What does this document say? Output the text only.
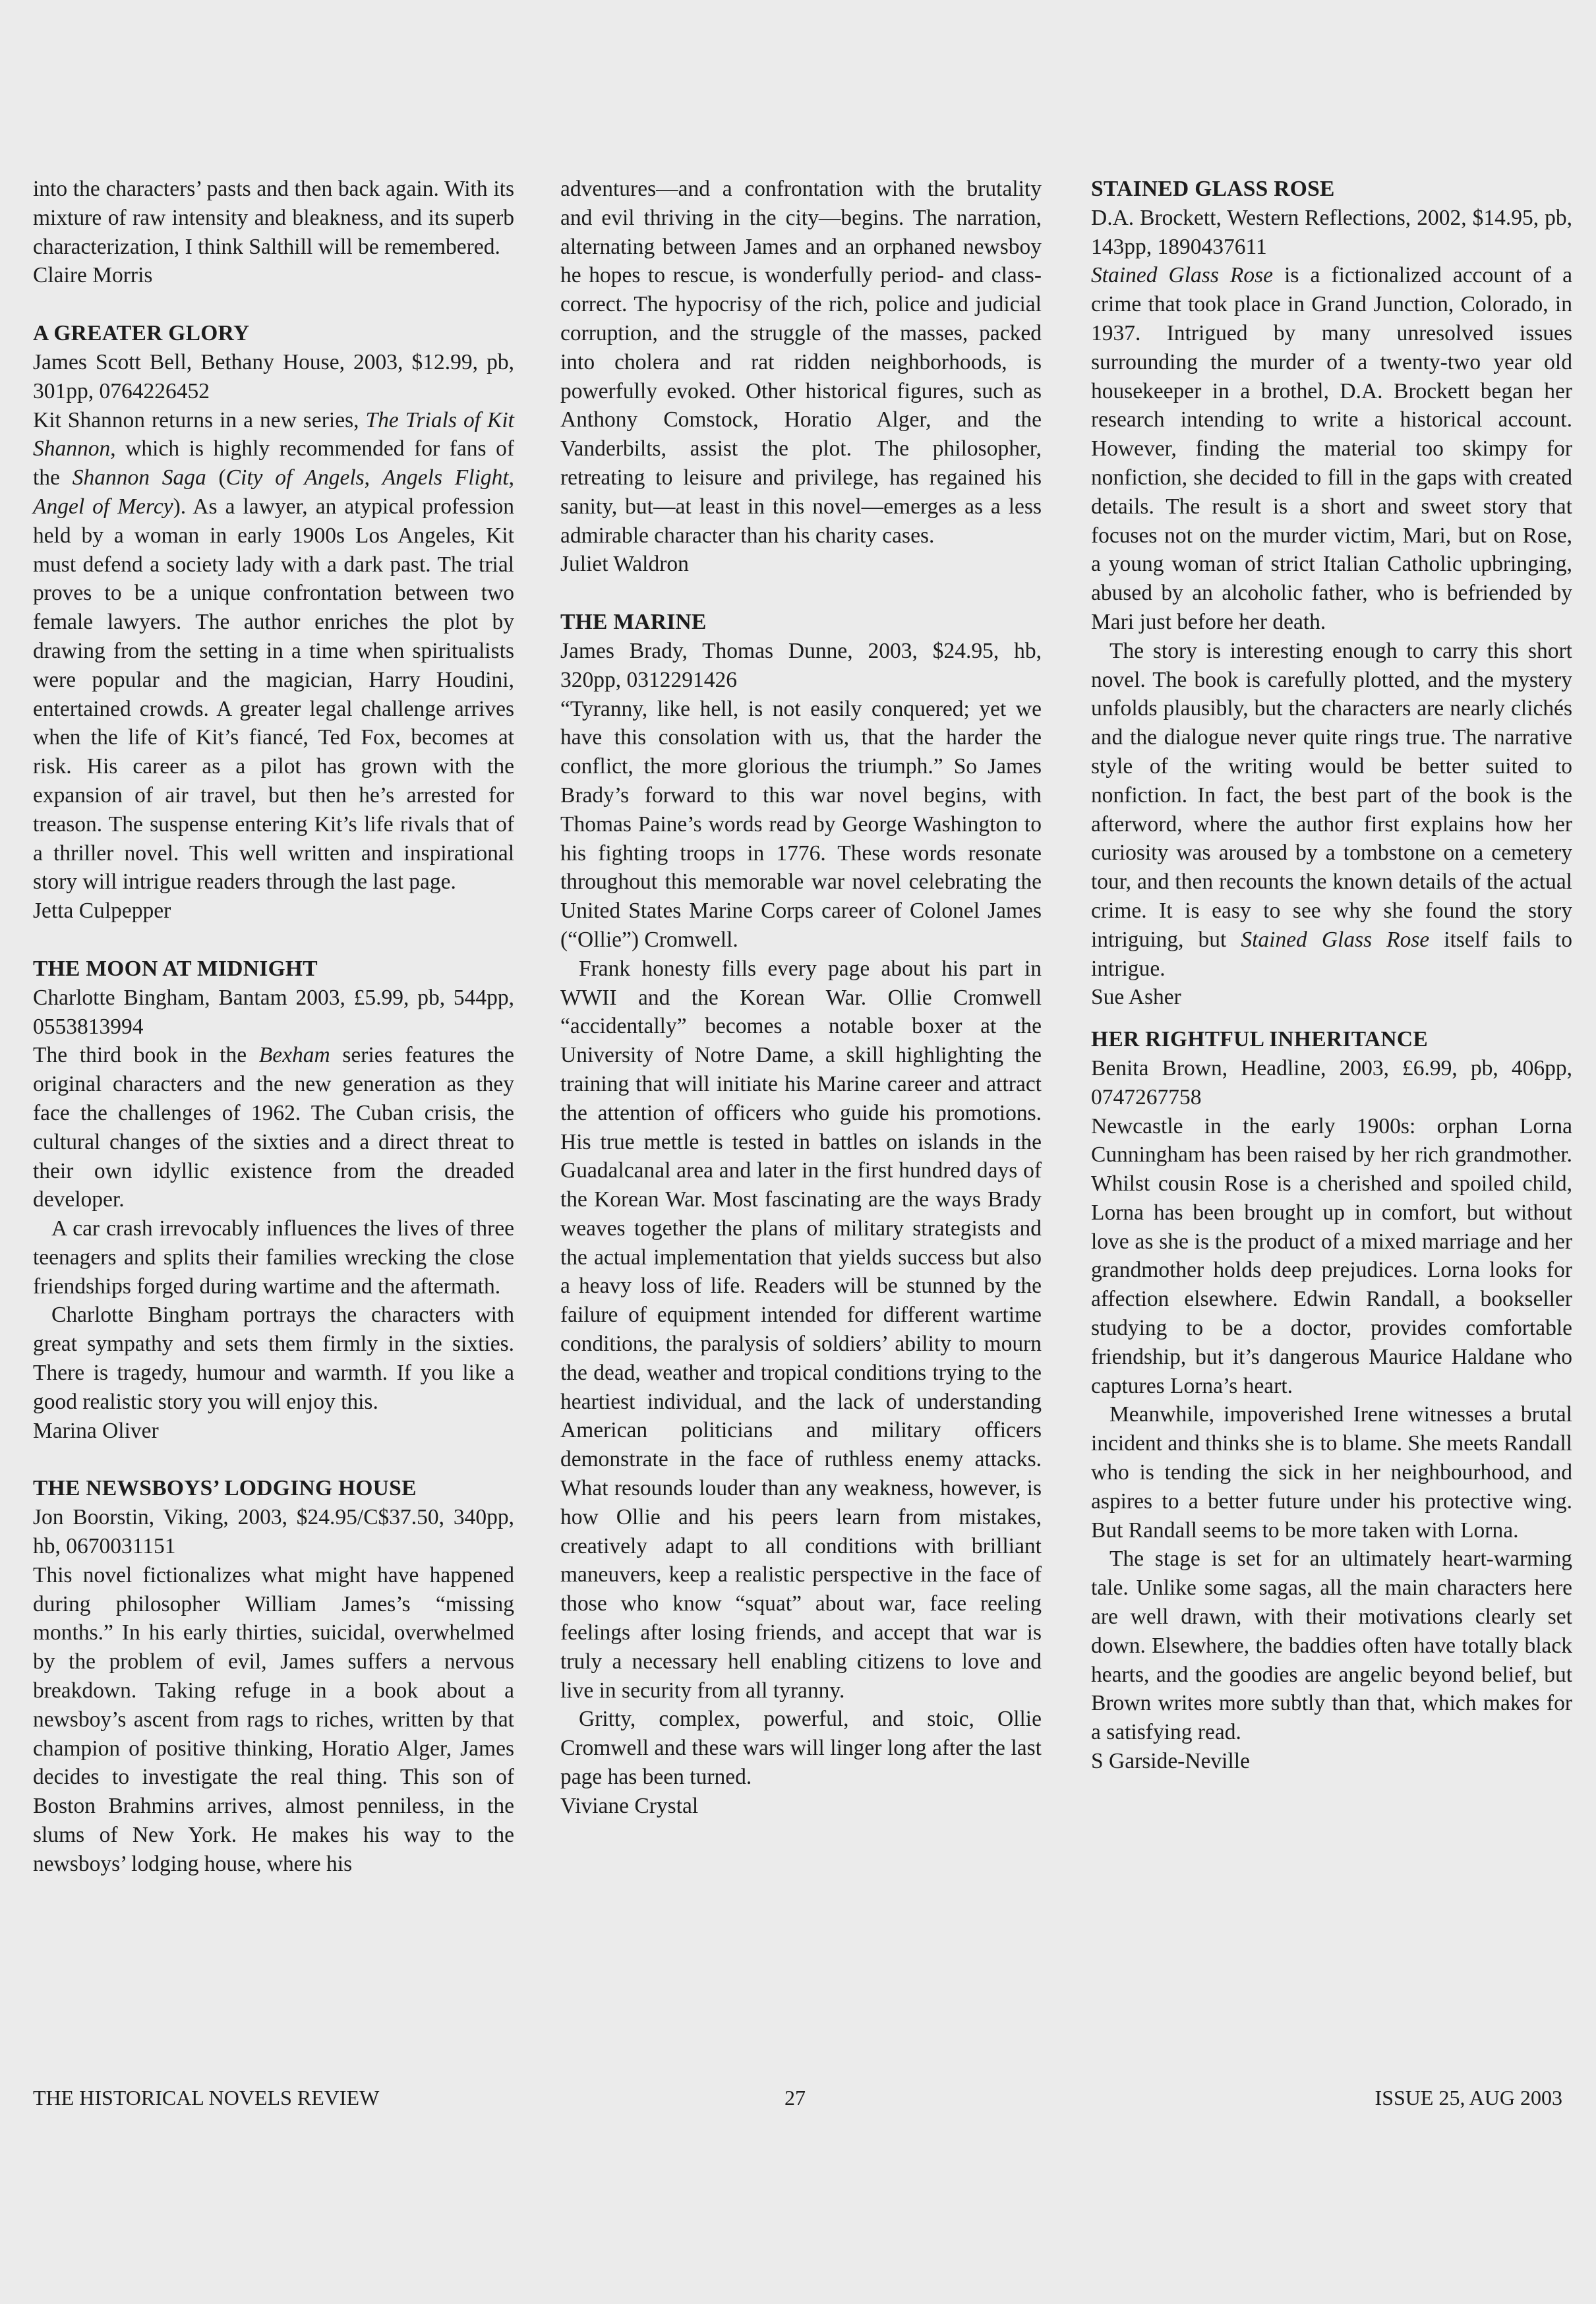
into the characters’ pasts and then back again. With its mixture of raw intensity and bleakness, and its superb characterization, I think Salthill will be remembered.

Claire Morris
A GREATER GLORY
James Scott Bell, Bethany House, 2003, $12.99, pb, 301pp, 0764226452

Kit Shannon returns in a new series, The Trials of Kit Shannon, which is highly recommended for fans of the Shannon Saga (City of Angels, Angels Flight, Angel of Mercy). As a lawyer, an atypical profession held by a woman in early 1900s Los Angeles, Kit must defend a society lady with a dark past. The trial proves to be a unique confrontation between two female lawyers. The author enriches the plot by drawing from the setting in a time when spiritualists were popular and the magician, Harry Houdini, entertained crowds. A greater legal challenge arrives when the life of Kit’s fiancé, Ted Fox, becomes at risk. His career as a pilot has grown with the expansion of air travel, but then he’s arrested for treason. The suspense entering Kit’s life rivals that of a thriller novel. This well written and inspirational story will intrigue readers through the last page.

Jetta Culpepper
THE MOON AT MIDNIGHT
Charlotte Bingham, Bantam 2003, £5.99, pb, 544pp, 0553813994

The third book in the Bexham series features the original characters and the new generation as they face the challenges of 1962. The Cuban crisis, the cultural changes of the sixties and a direct threat to their own idyllic existence from the dreaded developer.

A car crash irrevocably influences the lives of three teenagers and splits their families wrecking the close friendships forged during wartime and the aftermath.

Charlotte Bingham portrays the characters with great sympathy and sets them firmly in the sixties. There is tragedy, humour and warmth. If you like a good realistic story you will enjoy this.

Marina Oliver
THE NEWSBOYS’ LODGING HOUSE
Jon Boorstin, Viking, 2003, $24.95/C$37.50, 340pp, hb, 0670031151

This novel fictionalizes what might have happened during philosopher William James’s “missing months.” In his early thirties, suicidal, overwhelmed by the problem of evil, James suffers a nervous breakdown. Taking refuge in a book about a newsboy’s ascent from rags to riches, written by that champion of positive thinking, Horatio Alger, James decides to investigate the real thing. This son of Boston Brahmins arrives, almost penniless, in the slums of New York. He makes his way to the newsboys’ lodging house, where his

adventures—and a confrontation with the brutality and evil thriving in the city—begins. The narration, alternating between James and an orphaned newsboy he hopes to rescue, is wonderfully period- and class- correct. The hypocrisy of the rich, police and judicial corruption, and the struggle of the masses, packed into cholera and rat ridden neighborhoods, is powerfully evoked. Other historical figures, such as Anthony Comstock, Horatio Alger, and the Vanderbilts, assist the plot. The philosopher, retreating to leisure and privilege, has regained his sanity, but—at least in this novel—emerges as a less admirable character than his charity cases.

Juliet Waldron
THE MARINE
James Brady, Thomas Dunne, 2003, $24.95, hb, 320pp, 0312291426

“Tyranny, like hell, is not easily conquered; yet we have this consolation with us, that the harder the conflict, the more glorious the triumph.” So James Brady’s forward to this war novel begins, with Thomas Paine’s words read by George Washington to his fighting troops in 1776. These words resonate throughout this memorable war novel celebrating the United States Marine Corps career of Colonel James (“Ollie”) Cromwell.

Frank honesty fills every page about his part in WWII and the Korean War. Ollie Cromwell “accidentally” becomes a notable boxer at the University of Notre Dame, a skill highlighting the training that will initiate his Marine career and attract the attention of officers who guide his promotions. His true mettle is tested in battles on islands in the Guadalcanal area and later in the first hundred days of the Korean War. Most fascinating are the ways Brady weaves together the plans of military strategists and the actual implementation that yields success but also a heavy loss of life. Readers will be stunned by the failure of equipment intended for different wartime conditions, the paralysis of soldiers’ ability to mourn the dead, weather and tropical conditions trying to the heartiest individual, and the lack of understanding American politicians and military officers demonstrate in the face of ruthless enemy attacks. What resounds louder than any weakness, however, is how Ollie and his peers learn from mistakes, creatively adapt to all conditions with brilliant maneuvers, keep a realistic perspective in the face of those who know “squat” about war, face reeling feelings after losing friends, and accept that war is truly a necessary hell enabling citizens to love and live in security from all tyranny.

Gritty, complex, powerful, and stoic, Ollie Cromwell and these wars will linger long after the last page has been turned.

Viviane Crystal
STAINED GLASS ROSE
D.A. Brockett, Western Reflections, 2002, $14.95, pb, 143pp, 1890437611

Stained Glass Rose is a fictionalized account of a crime that took place in Grand Junction, Colorado, in 1937. Intrigued by many unresolved issues surrounding the murder of a twenty-two year old housekeeper in a brothel, D.A. Brockett began her research intending to write a historical account. However, finding the material too skimpy for nonfiction, she decided to fill in the gaps with created details. The result is a short and sweet story that focuses not on the murder victim, Mari, but on Rose, a young woman of strict Italian Catholic upbringing, abused by an alcoholic father, who is befriended by Mari just before her death.

The story is interesting enough to carry this short novel. The book is carefully plotted, and the mystery unfolds plausibly, but the characters are nearly clichés and the dialogue never quite rings true. The narrative style of the writing would be better suited to nonfiction. In fact, the best part of the book is the afterword, where the author first explains how her curiosity was aroused by a tombstone on a cemetery tour, and then recounts the known details of the actual crime. It is easy to see why she found the story intriguing, but Stained Glass Rose itself fails to intrigue.

Sue Asher
HER RIGHTFUL INHERITANCE
Benita Brown, Headline, 2003, £6.99, pb, 406pp, 0747267758

Newcastle in the early 1900s: orphan Lorna Cunningham has been raised by her rich grandmother. Whilst cousin Rose is a cherished and spoiled child, Lorna has been brought up in comfort, but without love as she is the product of a mixed marriage and her grandmother holds deep prejudices. Lorna looks for affection elsewhere. Edwin Randall, a bookseller studying to be a doctor, provides comfortable friendship, but it’s dangerous Maurice Haldane who captures Lorna’s heart.

Meanwhile, impoverished Irene witnesses a brutal incident and thinks she is to blame. She meets Randall who is tending the sick in her neighbourhood, and aspires to a better future under his protective wing. But Randall seems to be more taken with Lorna.

The stage is set for an ultimately heart-warming tale. Unlike some sagas, all the main characters here are well drawn, with their motivations clearly set down. Elsewhere, the baddies often have totally black hearts, and the goodies are angelic beyond belief, but Brown writes more subtly than that, which makes for a satisfying read.

S Garside-Neville
THE HISTORICAL NOVELS REVIEW	27	ISSUE 25, AUG 2003
